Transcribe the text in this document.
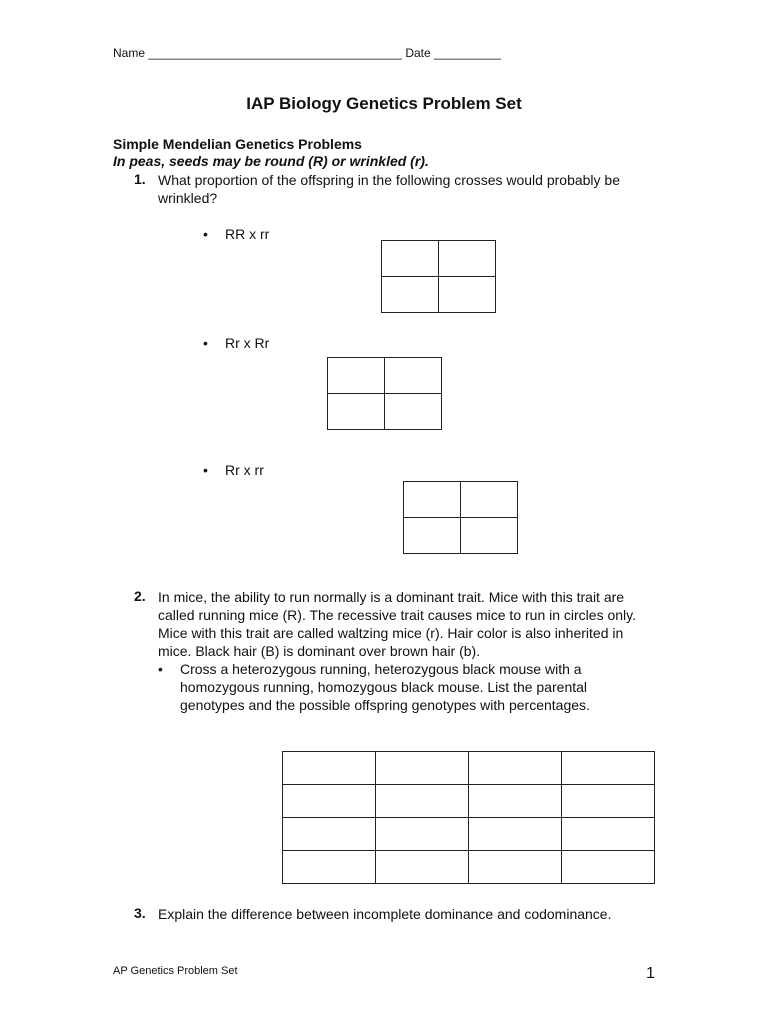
Name ______________________________________ Date __________
IAP Biology Genetics Problem Set
Simple Mendelian Genetics Problems
In peas, seeds may be round (R) or wrinkled (r).
1. What proportion of the offspring in the following crosses would probably be wrinkled?
• RR x rr

• Rr x Rr

• Rr x rr

2. In mice, the ability to run normally is a dominant trait. Mice with this trait are called running mice (R). The recessive trait causes mice to run in circles only. Mice with this trait are called waltzing mice (r). Hair color is also inherited in mice. Black hair (B) is dominant over brown hair (b).
•	Cross a heterozygous running, heterozygous black mouse with a homozygous running, homozygous black mouse. List the parental genotypes and the possible offspring genotypes with percentages.

3. Explain the difference between incomplete dominance and codominance.
AP Genetics Problem Set	1
